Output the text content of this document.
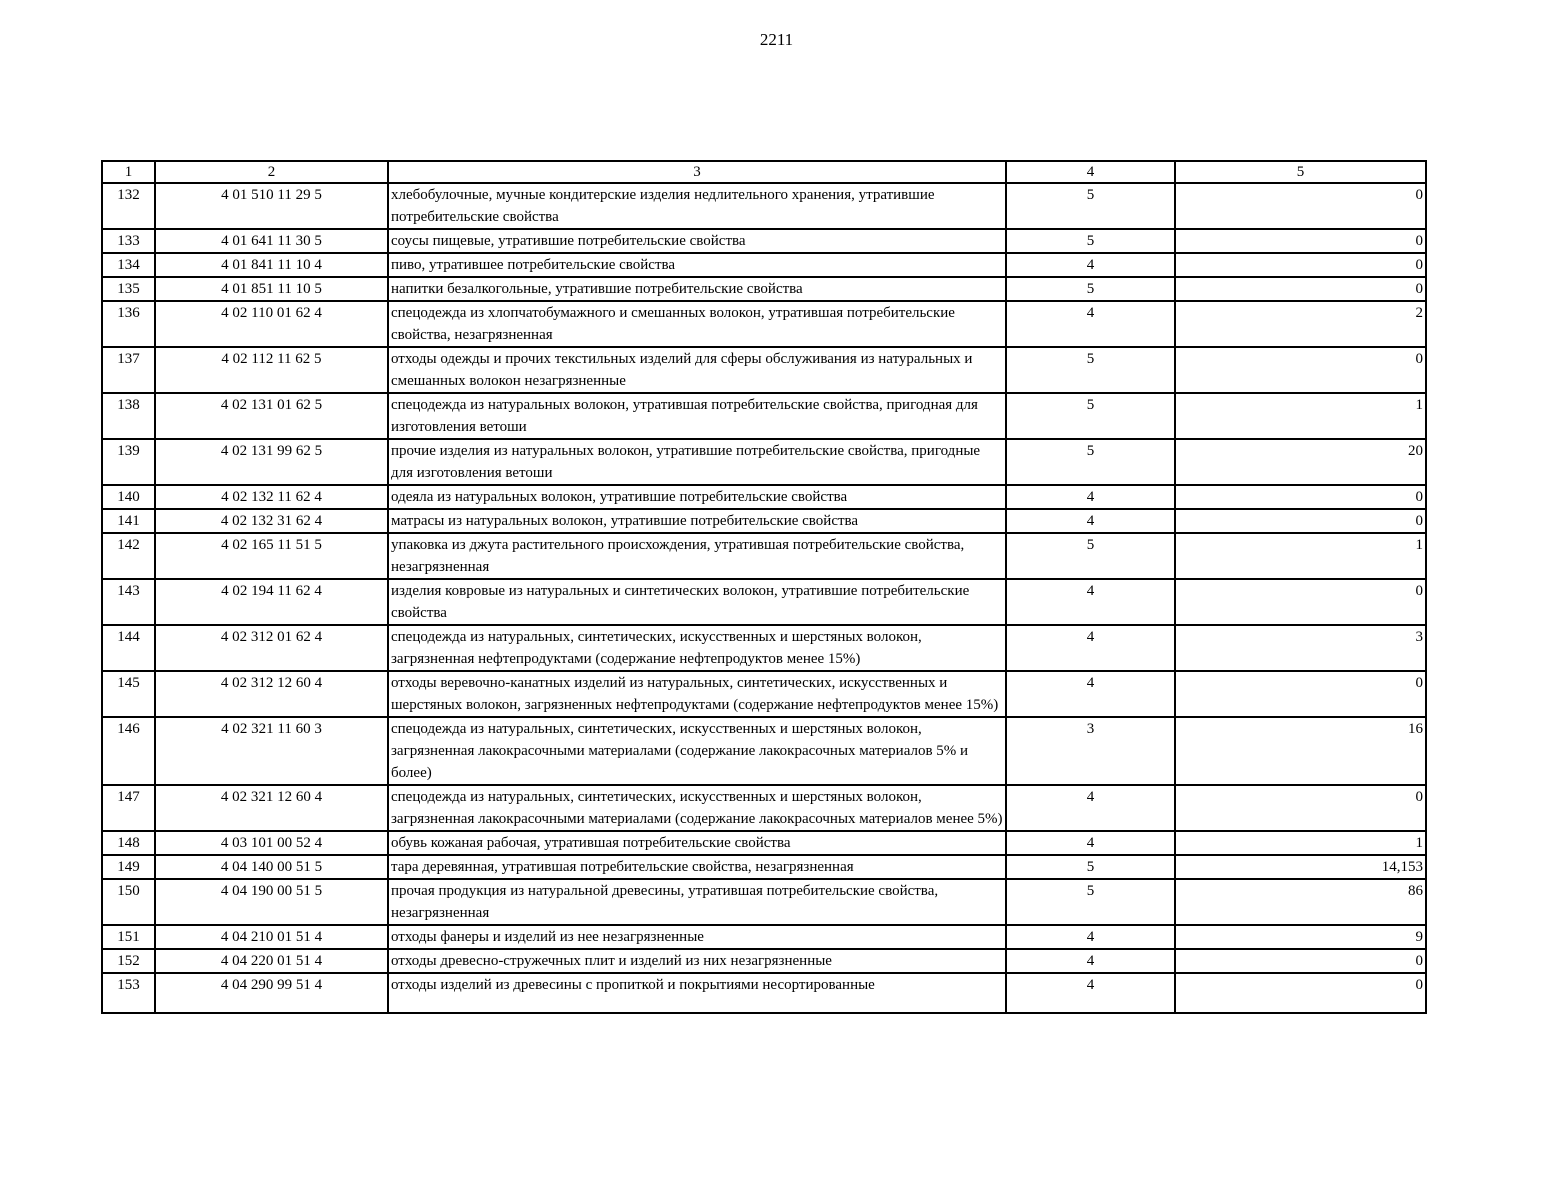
2211
1	2	3	4	5
132	4 01 510 11 29 5	хлебобулочные, мучные кондитерские изделия недлительного хранения, утратившие потребительские свойства	5	0
133	4 01 641 11 30 5	соусы пищевые, утратившие потребительские свойства	5	0
134	4 01 841 11 10 4	пиво, утратившее потребительские свойства	4	0
135	4 01 851 11 10 5	напитки безалкогольные, утратившие потребительские свойства	5	0
136	4 02 110 01 62 4	спецодежда из хлопчатобумажного и смешанных волокон, утратившая потребительские свойства, незагрязненная	4	2
137	4 02 112 11 62 5	отходы одежды и прочих текстильных изделий для сферы обслуживания из натуральных и смешанных волокон незагрязненные	5	0
138	4 02 131 01 62 5	спецодежда из натуральных волокон, утратившая потребительские свойства, пригодная для изготовления ветоши	5	1
139	4 02 131 99 62 5	прочие изделия из натуральных волокон, утратившие потребительские свойства, пригодные для изготовления ветоши	5	20
140	4 02 132 11 62 4	одеяла из натуральных волокон, утратившие потребительские свойства	4	0
141	4 02 132 31 62 4	матрасы из натуральных волокон, утратившие потребительские свойства	4	0
142	4 02 165 11 51 5	упаковка из джута растительного происхождения, утратившая потребительские свойства, незагрязненная	5	1
143	4 02 194 11 62 4	изделия ковровые из натуральных и синтетических волокон, утратившие потребительские свойства	4	0
144	4 02 312 01 62 4	спецодежда из натуральных, синтетических, искусственных и шерстяных волокон, загрязненная нефтепродуктами (содержание нефтепродуктов менее 15%)	4	3
145	4 02 312 12 60 4	отходы веревочно-канатных изделий из натуральных, синтетических, искусственных и шерстяных волокон, загрязненных нефтепродуктами (содержание нефтепродуктов менее 15%)	4	0
146	4 02 321 11 60 3	спецодежда из натуральных, синтетических, искусственных и шерстяных волокон, загрязненная лакокрасочными материалами (содержание лакокрасочных материалов 5% и более)	3	16
147	4 02 321 12 60 4	спецодежда из натуральных, синтетических, искусственных и шерстяных волокон, загрязненная лакокрасочными материалами (содержание лакокрасочных материалов менее 5%)	4	0
148	4 03 101 00 52 4	обувь кожаная рабочая, утратившая потребительские свойства	4	1
149	4 04 140 00 51 5	тара деревянная, утратившая потребительские свойства, незагрязненная	5	14,153
150	4 04 190 00 51 5	прочая продукция из натуральной древесины, утратившая потребительские свойства, незагрязненная	5	86
151	4 04 210 01 51 4	отходы фанеры и изделий из нее незагрязненные	4	9
152	4 04 220 01 51 4	отходы древесно-стружечных плит и изделий из них незагрязненные	4	0
153	4 04 290 99 51 4	отходы изделий из древесины с пропиткой и покрытиями несортированные	4	0
